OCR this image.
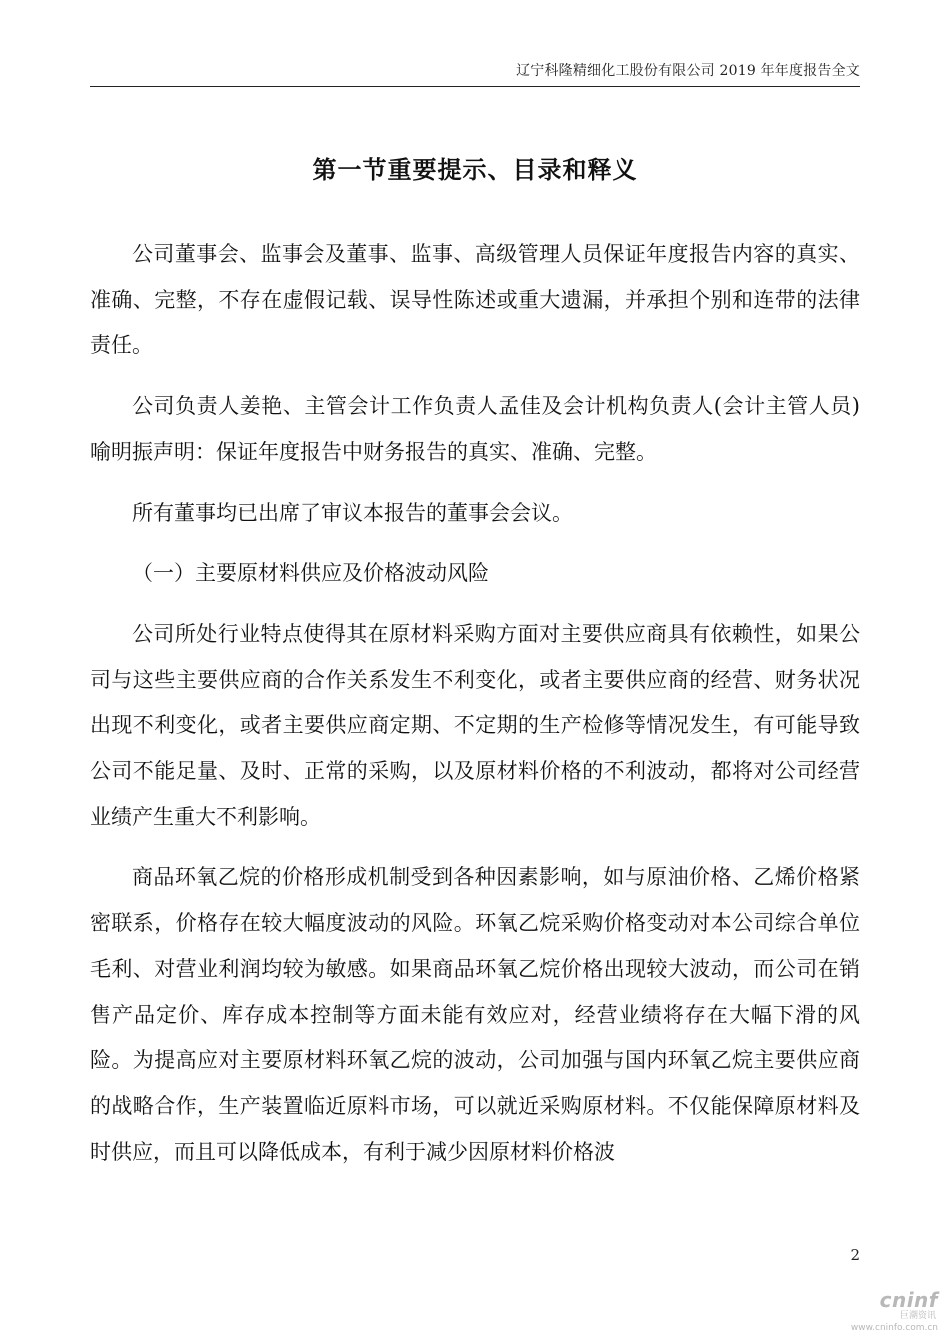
辽宁科隆精细化工股份有限公司 2019 年年度报告全文
第一节重要提示、目录和释义

公司董事会、监事会及董事、监事、高级管理人员保证年度报告内容的真实、准确、完整，不存在虚假记载、误导性陈述或重大遗漏，并承担个别和连带的法律责任。

公司负责人姜艳、主管会计工作负责人孟佳及会计机构负责人(会计主管人员)喻明振声明：保证年度报告中财务报告的真实、准确、完整。

所有董事均已出席了审议本报告的董事会会议。

（一）主要原材料供应及价格波动风险

公司所处行业特点使得其在原材料采购方面对主要供应商具有依赖性，如果公司与这些主要供应商的合作关系发生不利变化，或者主要供应商的经营、财务状况出现不利变化，或者主要供应商定期、不定期的生产检修等情况发生，有可能导致公司不能足量、及时、正常的采购，以及原材料价格的不利波动，都将对公司经营业绩产生重大不利影响。

商品环氧乙烷的价格形成机制受到各种因素影响，如与原油价格、乙烯价格紧密联系，价格存在较大幅度波动的风险。环氧乙烷采购价格变动对本公司综合单位毛利、对营业利润均较为敏感。如果商品环氧乙烷价格出现较大波动，而公司在销售产品定价、库存成本控制等方面未能有效应对，经营业绩将存在大幅下滑的风险。为提高应对主要原材料环氧乙烷的波动，公司加强与国内环氧乙烷主要供应商的战略合作，生产装置临近原料市场，可以就近采购原材料。不仅能保障原材料及时供应，而且可以降低成本，有利于减少因原材料价格波

2
cninf
巨潮资讯
www.cninfo.com.cn
